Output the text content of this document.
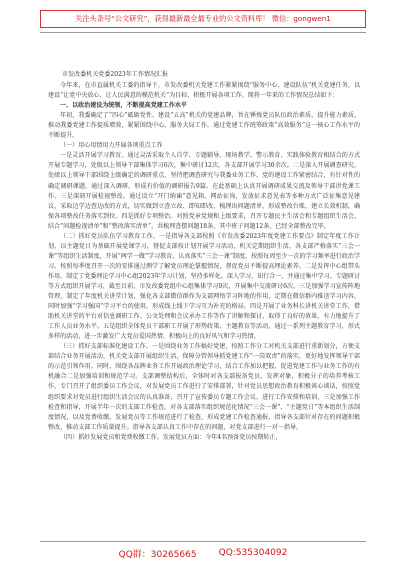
关注头条号“公文研究”，获得最新最全最专业的公文资料库！ 微信：gongwen1

市发改委机关党委2023年工作情况汇报

今年来，在市直属机关工委的指导下，市发改委机关党建工作紧紧围绕“服务中心、建设队伍”机关党建任务，以建设“让党中央放心、让人民满意的模范机关”为目标，积极开展各项工作。现将一年来的工作情况总结如下：

一、以政治建设为统领，不断提高党建工作水平

年初，我委确定了“四心”砥砺党性、建设“五高”机关的党建品牌，旨在锤炼党员队伍政治素质，提升能力素质，推动我委党建工作提质增效，紧紧围绕中心、服务大局工作，通过党建工作统筹政策“高效服务”这一核心工作水平的不断提升。

（一）用心用情用力开展各项重点工作

一是灵活开展学习教育。通过灵活采取个人自学、专题辅导、现场教学、警示教育、实践体验教育相结合的方式开展专题学习，处级以上领导干部集体学习6次，集中研讨12次，各支部开展学习30余次。二是深入开展调查研究。处级以上领导干部围绕上级确定的调研重点，坚持把调查研究与我委业务工作、党的建设工作紧密结合，有针对性的确定调研课题，通过深入调研，形成有价值的调研报告9篇。在此基础上认真开展调研成果交流及领导干部讲党课工作。三是深刻开展检视整改。通过设立“开门纳谏”意见箱、网站征询、发放征求意见表等多种方式广泛征集意见建议，采取边学边查边改的方式，切实做到立查立改、即知即改，梳理出问题清单，形成整改台账，建立长效机制，确保各项整改任务落实到位。四是抓好专项整治。对照党章党规和上级要求，召开专题民主生活会和专题组织生活会，结合“问题检视清单”和“整改落实清单”，共梳理查摆问题18条，其中班子问题12条，已经全部整改完毕。

（二）抓好党员队伍学习教育工作。一是指导各支部按照《市发改委2023年度党建工作要点》制定年度工作计划，以主题党日为基础开展党课学习，督促支部按计划开展学习活动，机关定期组织生活，各支部严格落实“三会一课”等组织生活制度，开展“两学一做”学习教育，认真落实“三会一课”制度，按照每周至少一次的学习频率进行政治学习。按照每季度召开一次的安排通过测学了解党员理论掌握情况，督促党员不断提高理论素养。二是发挥中心组带头作用，制定了党委理论学习中心组2023年学习计划，坚持多样化、深入学习、知行合一，并通过集中学习、专题研讨等方式组织开展学习，截至目前，市发改委党组中心组集体学习9次，开展集中交流研讨6次。三是加强学习宣传阵地管理，制定了年度机关讲堂计划，强化各支部微信群作为支部网络学习阵地的作用，定期在微信群内推送学习内容，同时加强“学习强国”学习平台的使用，形成线上线下学习互为补充的格局。四是开展了业务科长讲机关讲堂工作，借助机关讲堂的平台对信息调研工作、公文处理和会议承办工作等作了讲解和探讨，取得了良好的效果，有力地提升了工作人员业务水平。五是组织全体党员干部职工开展了形势政策、主题教育等活动，通过一系列主题教育学习，形式多样的活动，进一步激发广大党员爱国热情、积极向上的良好风气和学习热情。

（三）抓好支部标准化建设工作。一是围绕业务工作搞好党建，按照工作分工对机关支部进行重新划分，方便支部结合业务开展活动，机关党支部开展组织生活，保障分管领导抓党建工作“一岗双责”的落实，更好地发挥领导干部的示范引领作用。同时，围绕各品牌业务工作开展政治理论学习，结合工作加以把握，促进党建工作与业务工作的有机融合二是加强培训和规范学习。支部调整结构后，全体时对各支部报备党员，发挥对象，积极分子的培养考核工作，专门召开了组织委员工作会议，对发展党员工作进行了安排部署，针对党员思想政治教育积极谈心谈话，按照党组织要求对党员进行组织生活会议的认真准备，召开了宣传委员专题工作会议，进行工作安排和培训，三是加强工作检查和指导，开展半年一次的支部工作检查。对各支部落实组织规范化情况“三会一课”、“主题党日”等本组织生活制度情况，以及党费收缴、发展党员等工作规范进行了检查，形成党建工作检查通报，指导各支部针对存在的问题积极整改，推动支部工作质量提升。指导各支部认真工作中存在的问题，对党支部进行一对一指导。

（四）抓好发展党员和党费收缴工作。发展党员方面：今年4名预备党员按期转正，

QQ群：30265665 QQ:535304092
